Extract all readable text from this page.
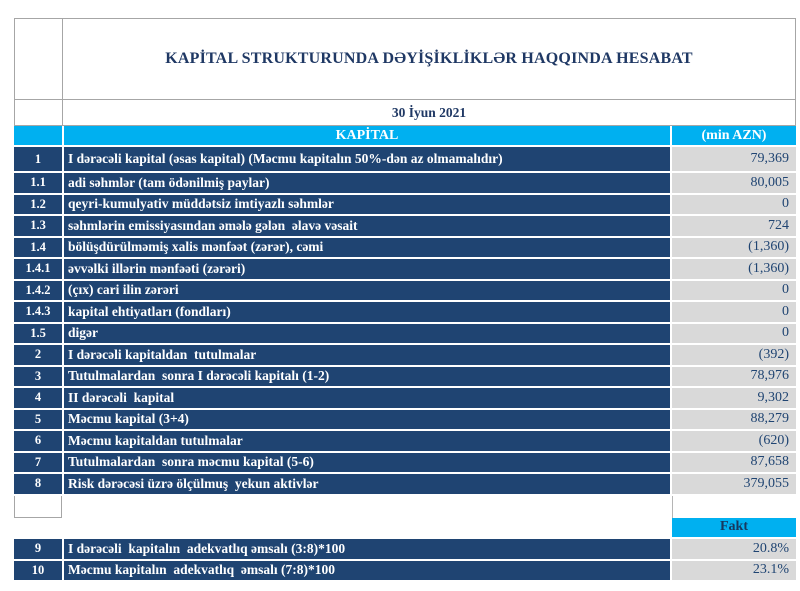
KAPİTAL STRUKTURUNDA DƏYİŞİKLİKLƏR HAQQINDA HESABAT
30 İyun 2021
KAPİTAL	(min AZN)
1	I dərəcəli kapital (əsas kapital) (Məcmu kapitalın 50%-dən az olmamalıdır)	79,369
1.1	adi səhmlər (tam ödənilmiş paylar)	80,005
1.2	qeyri-kumulyativ müddətsiz imtiyazlı səhmlər	0
1.3	səhmlərin emissiyasından əmələ gələn  əlavə vəsait	724
1.4	bölüşdürülməmiş xalis mənfəət (zərər), cəmi	(1,360)
1.4.1	əvvəlki illərin mənfəəti (zərəri)	(1,360)
1.4.2	(çıx) cari ilin zərəri	0
1.4.3	kapital ehtiyatları (fondları)	0
1.5	digər	0
2	I dərəcəli kapitaldan  tutulmalar	(392)
3	Tutulmalardan  sonra I dərəcəli kapitalı (1-2)	78,976
4	II dərəcəli  kapital	9,302
5	Məcmu kapital (3+4)	88,279
6	Məcmu kapitaldan tutulmalar	(620)
7	Tutulmalardan  sonra məcmu kapital (5-6)	87,658
8	Risk dərəcəsi üzrə ölçülmuş  yekun aktivlər	379,055
Fakt
9	I dərəcəli  kapitalın  adekvatlıq əmsalı (3:8)*100	20.8%
10	Məcmu kapitalın  adekvatlıq  əmsalı (7:8)*100	23.1%
